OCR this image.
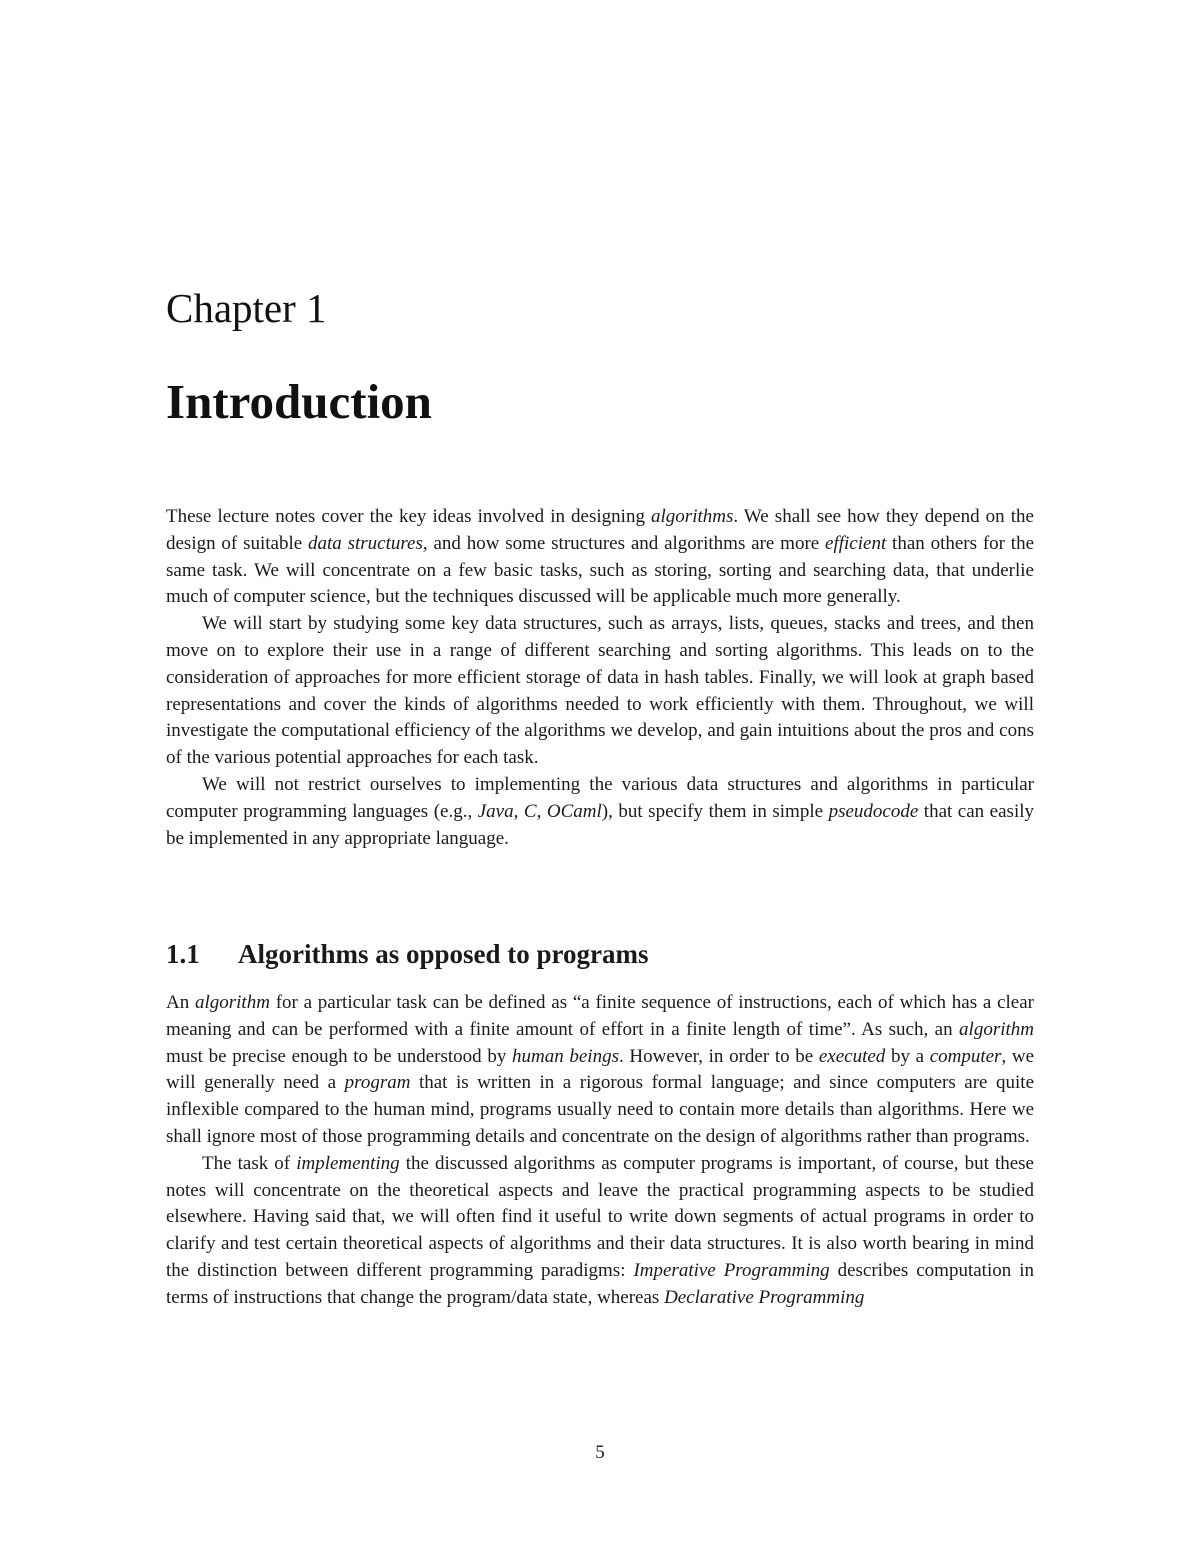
Chapter 1
Introduction

These lecture notes cover the key ideas involved in designing algorithms. We shall see how they depend on the design of suitable data structures, and how some structures and algorithms are more efficient than others for the same task. We will concentrate on a few basic tasks, such as storing, sorting and searching data, that underlie much of computer science, but the techniques discussed will be applicable much more generally.

We will start by studying some key data structures, such as arrays, lists, queues, stacks and trees, and then move on to explore their use in a range of different searching and sorting algorithms. This leads on to the consideration of approaches for more efficient storage of data in hash tables. Finally, we will look at graph based representations and cover the kinds of algorithms needed to work efficiently with them. Throughout, we will investigate the computational efficiency of the algorithms we develop, and gain intuitions about the pros and cons of the various potential approaches for each task.

We will not restrict ourselves to implementing the various data structures and algorithms in particular computer programming languages (e.g., Java, C, OCaml), but specify them in simple pseudocode that can easily be implemented in any appropriate language.

1.1 Algorithms as opposed to programs

An algorithm for a particular task can be defined as “a finite sequence of instructions, each of which has a clear meaning and can be performed with a finite amount of effort in a finite length of time”. As such, an algorithm must be precise enough to be understood by human beings. However, in order to be executed by a computer, we will generally need a program that is written in a rigorous formal language; and since computers are quite inflexible compared to the human mind, programs usually need to contain more details than algorithms. Here we shall ignore most of those programming details and concentrate on the design of algorithms rather than programs.

The task of implementing the discussed algorithms as computer programs is important, of course, but these notes will concentrate on the theoretical aspects and leave the practical programming aspects to be studied elsewhere. Having said that, we will often find it useful to write down segments of actual programs in order to clarify and test certain theoretical aspects of algorithms and their data structures. It is also worth bearing in mind the distinction between different programming paradigms: Imperative Programming describes computation in terms of instructions that change the program/data state, whereas Declarative Programming

5
